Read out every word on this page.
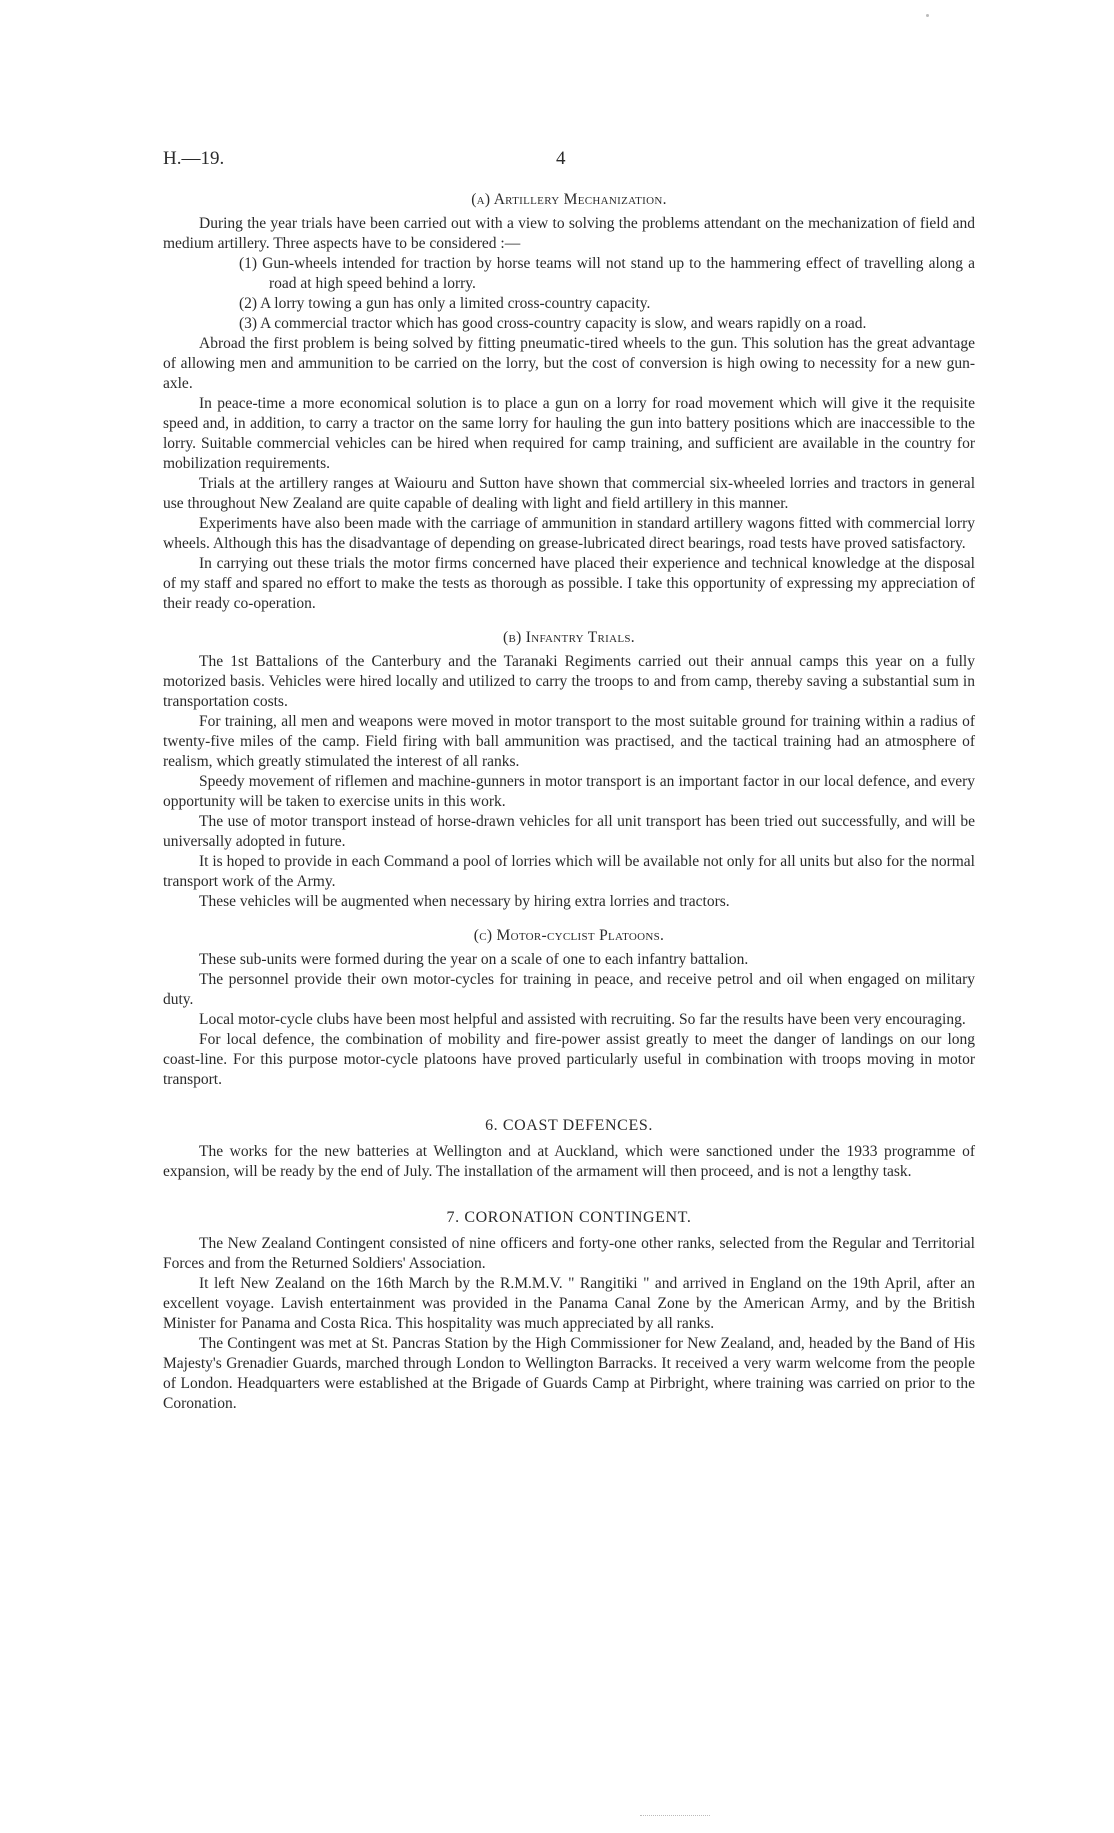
H.—19.	4
(a) Artillery Mechanization.

During the year trials have been carried out with a view to solving the problems attendant on the mechanization of field and medium artillery. Three aspects have to be considered :—

(1) Gun-wheels intended for traction by horse teams will not stand up to the hammering effect of travelling along a road at high speed behind a lorry.
(2) A lorry towing a gun has only a limited cross-country capacity.
(3) A commercial tractor which has good cross-country capacity is slow, and wears rapidly on a road.

Abroad the first problem is being solved by fitting pneumatic-tired wheels to the gun. This solution has the great advantage of allowing men and ammunition to be carried on the lorry, but the cost of conversion is high owing to necessity for a new gun-axle.

In peace-time a more economical solution is to place a gun on a lorry for road movement which will give it the requisite speed and, in addition, to carry a tractor on the same lorry for hauling the gun into battery positions which are inaccessible to the lorry. Suitable commercial vehicles can be hired when required for camp training, and sufficient are available in the country for mobilization requirements.

Trials at the artillery ranges at Waiouru and Sutton have shown that commercial six-wheeled lorries and tractors in general use throughout New Zealand are quite capable of dealing with light and field artillery in this manner.

Experiments have also been made with the carriage of ammunition in standard artillery wagons fitted with commercial lorry wheels. Although this has the disadvantage of depending on grease-lubricated direct bearings, road tests have proved satisfactory.

In carrying out these trials the motor firms concerned have placed their experience and technical knowledge at the disposal of my staff and spared no effort to make the tests as thorough as possible. I take this opportunity of expressing my appreciation of their ready co-operation.

(b) Infantry Trials.

The 1st Battalions of the Canterbury and the Taranaki Regiments carried out their annual camps this year on a fully motorized basis. Vehicles were hired locally and utilized to carry the troops to and from camp, thereby saving a substantial sum in transportation costs.

For training, all men and weapons were moved in motor transport to the most suitable ground for training within a radius of twenty-five miles of the camp. Field firing with ball ammunition was practised, and the tactical training had an atmosphere of realism, which greatly stimulated the interest of all ranks.

Speedy movement of riflemen and machine-gunners in motor transport is an important factor in our local defence, and every opportunity will be taken to exercise units in this work.

The use of motor transport instead of horse-drawn vehicles for all unit transport has been tried out successfully, and will be universally adopted in future.

It is hoped to provide in each Command a pool of lorries which will be available not only for all units but also for the normal transport work of the Army.

These vehicles will be augmented when necessary by hiring extra lorries and tractors.

(c) Motor-cyclist Platoons.

These sub-units were formed during the year on a scale of one to each infantry battalion.

The personnel provide their own motor-cycles for training in peace, and receive petrol and oil when engaged on military duty.

Local motor-cycle clubs have been most helpful and assisted with recruiting. So far the results have been very encouraging.

For local defence, the combination of mobility and fire-power assist greatly to meet the danger of landings on our long coast-line. For this purpose motor-cycle platoons have proved particularly useful in combination with troops moving in motor transport.

6. COAST DEFENCES.

The works for the new batteries at Wellington and at Auckland, which were sanctioned under the 1933 programme of expansion, will be ready by the end of July. The installation of the armament will then proceed, and is not a lengthy task.

7. CORONATION CONTINGENT.

The New Zealand Contingent consisted of nine officers and forty-one other ranks, selected from the Regular and Territorial Forces and from the Returned Soldiers' Association.

It left New Zealand on the 16th March by the R.M.M.V. " Rangitiki " and arrived in England on the 19th April, after an excellent voyage. Lavish entertainment was provided in the Panama Canal Zone by the American Army, and by the British Minister for Panama and Costa Rica. This hospitality was much appreciated by all ranks.

The Contingent was met at St. Pancras Station by the High Commissioner for New Zealand, and, headed by the Band of His Majesty's Grenadier Guards, marched through London to Wellington Barracks. It received a very warm welcome from the people of London. Headquarters were established at the Brigade of Guards Camp at Pirbright, where training was carried on prior to the Coronation.
